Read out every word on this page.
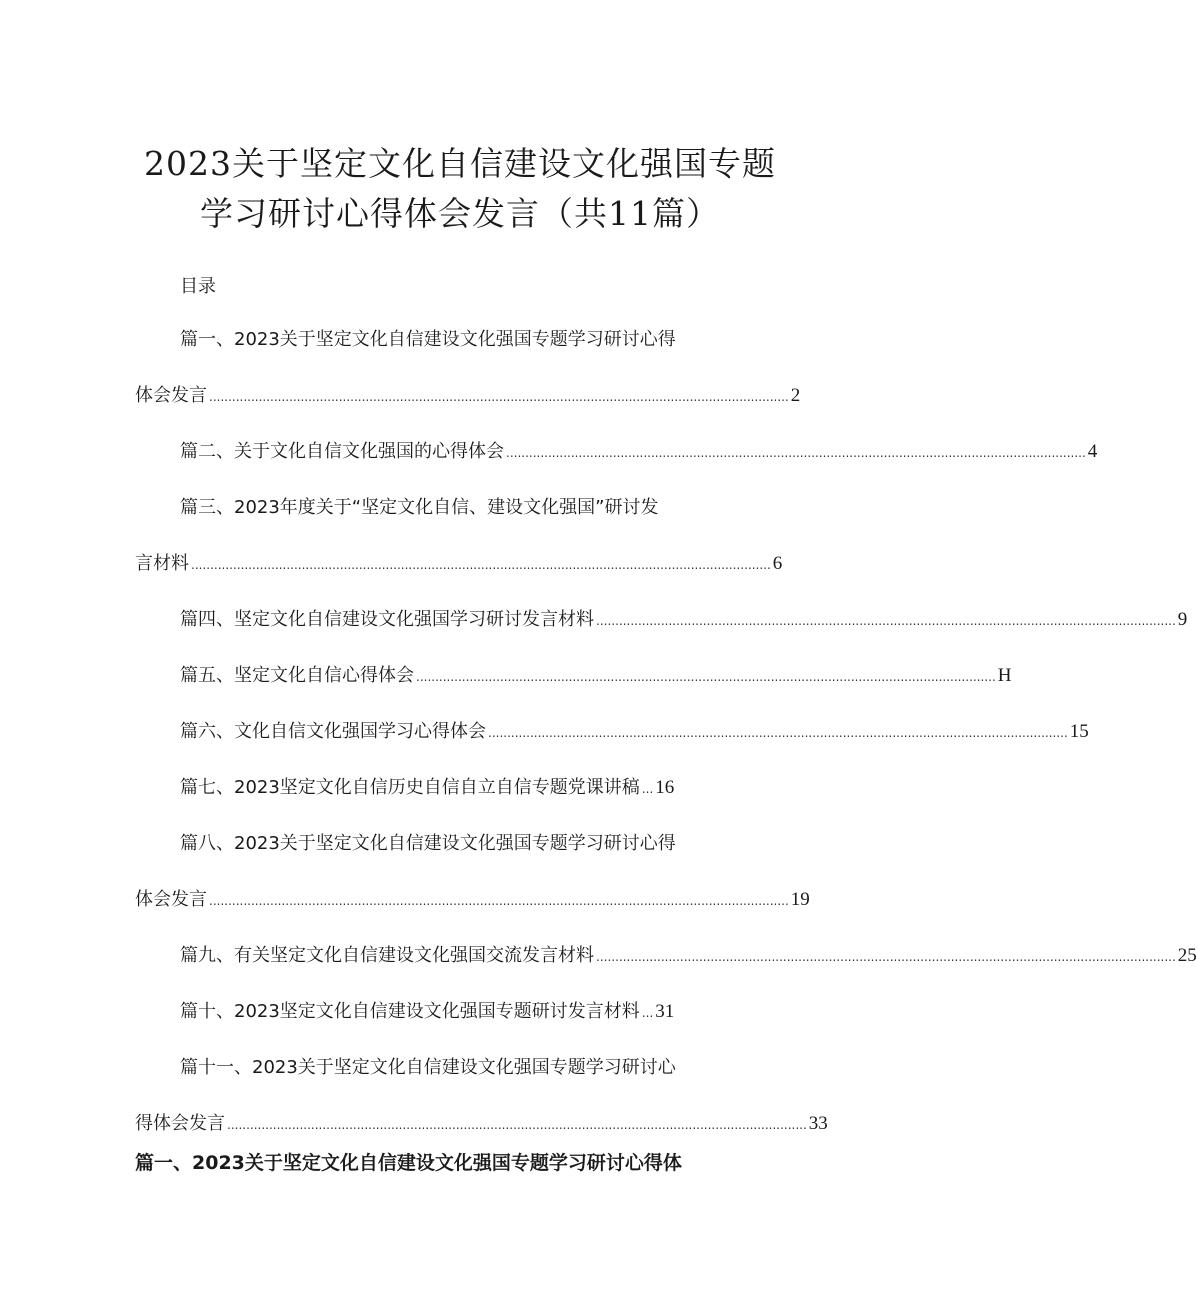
2023关于坚定文化自信建设文化强国专题
学习研讨心得体会发言（共11篇）
目录
篇一、2023关于坚定文化自信建设文化强国专题学习研讨心得
体会发言 ........................................................................................................................................................ 2
篇二、关于文化自信文化强国的心得体会 ........................................................................................................................................................ 4
篇三、2023年度关于“坚定文化自信、建设文化强国”研讨发
言材料 ........................................................................................................................................................ 6
篇四、坚定文化自信建设文化强国学习研讨发言材料 ........................................................................................................................................................ 9
篇五、坚定文化自信心得体会 ........................................................................................................................................................ H
篇六、文化自信文化强国学习心得体会 ........................................................................................................................................................ 15
篇七、2023坚定文化自信历史自信自立自信专题党课讲稿 ... 16
篇八、2023关于坚定文化自信建设文化强国专题学习研讨心得
体会发言 ........................................................................................................................................................ 19
篇九、有关坚定文化自信建设文化强国交流发言材料 ........................................................................................................................................................ 25
篇十、2023坚定文化自信建设文化强国专题研讨发言材料 ... 31
篇十一、2023关于坚定文化自信建设文化强国专题学习研讨心
得体会发言 ........................................................................................................................................................ 33
篇一、2023关于坚定文化自信建设文化强国专题学习研讨心得体
